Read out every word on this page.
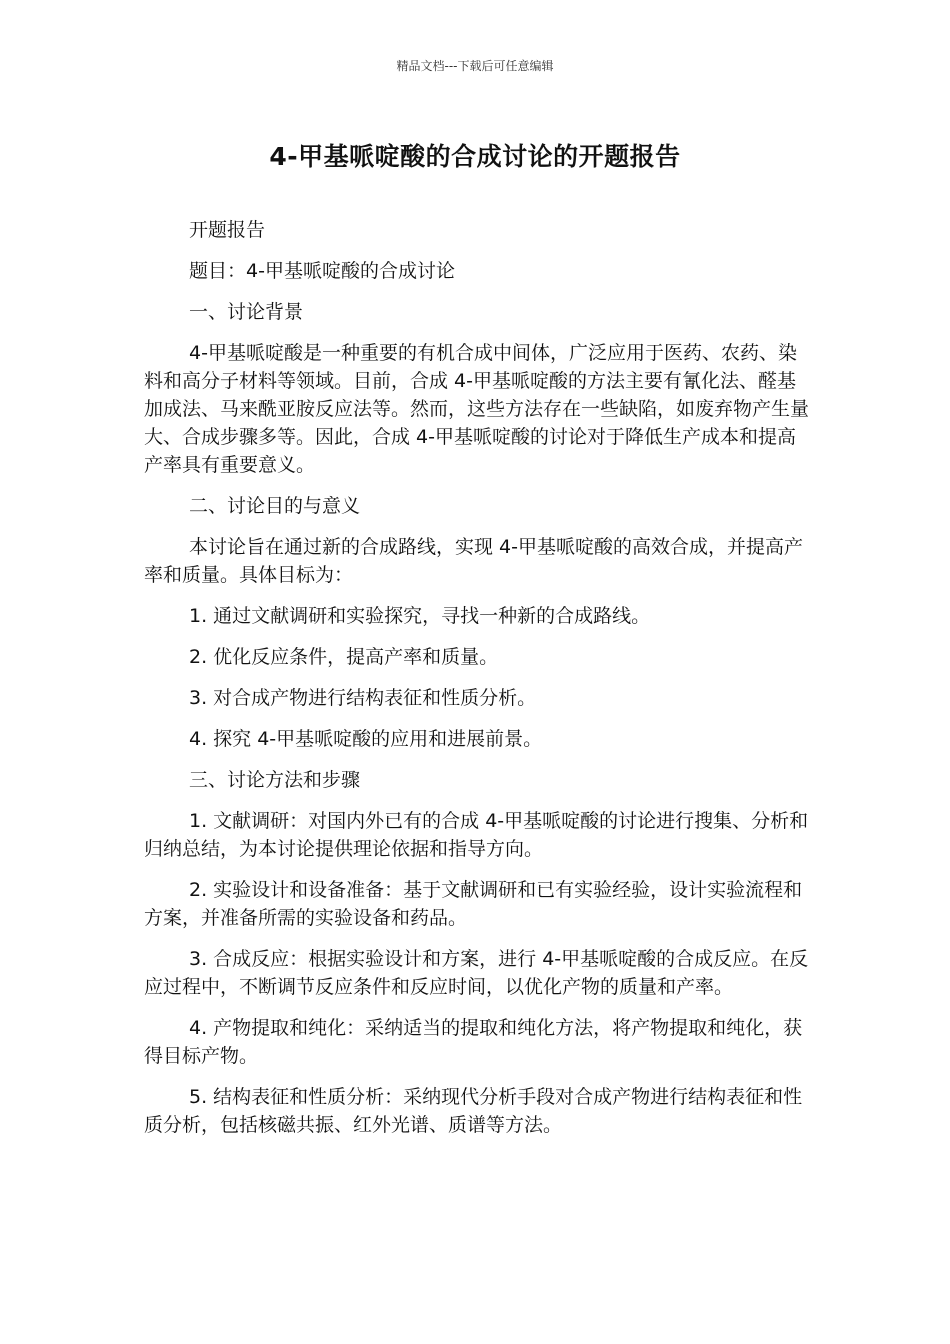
精品文档---下载后可任意编辑
4-甲基哌啶酸的合成讨论的开题报告

开题报告

题目：4-甲基哌啶酸的合成讨论

一、讨论背景

4-甲基哌啶酸是一种重要的有机合成中间体，广泛应用于医药、农药、染料和高分子材料等领域。目前，合成 4-甲基哌啶酸的方法主要有氰化法、醛基加成法、马来酰亚胺反应法等。然而，这些方法存在一些缺陷，如废弃物产生量大、合成步骤多等。因此，合成 4-甲基哌啶酸的讨论对于降低生产成本和提高产率具有重要意义。

二、讨论目的与意义

本讨论旨在通过新的合成路线，实现 4-甲基哌啶酸的高效合成，并提高产率和质量。具体目标为：

1. 通过文献调研和实验探究，寻找一种新的合成路线。

2. 优化反应条件，提高产率和质量。

3. 对合成产物进行结构表征和性质分析。

4. 探究 4-甲基哌啶酸的应用和进展前景。

三、讨论方法和步骤

1. 文献调研：对国内外已有的合成 4-甲基哌啶酸的讨论进行搜集、分析和归纳总结，为本讨论提供理论依据和指导方向。

2. 实验设计和设备准备：基于文献调研和已有实验经验，设计实验流程和方案，并准备所需的实验设备和药品。

3. 合成反应：根据实验设计和方案，进行 4-甲基哌啶酸的合成反应。在反应过程中，不断调节反应条件和反应时间，以优化产物的质量和产率。

4. 产物提取和纯化：采纳适当的提取和纯化方法，将产物提取和纯化，获得目标产物。

5. 结构表征和性质分析：采纳现代分析手段对合成产物进行结构表征和性质分析，包括核磁共振、红外光谱、质谱等方法。
